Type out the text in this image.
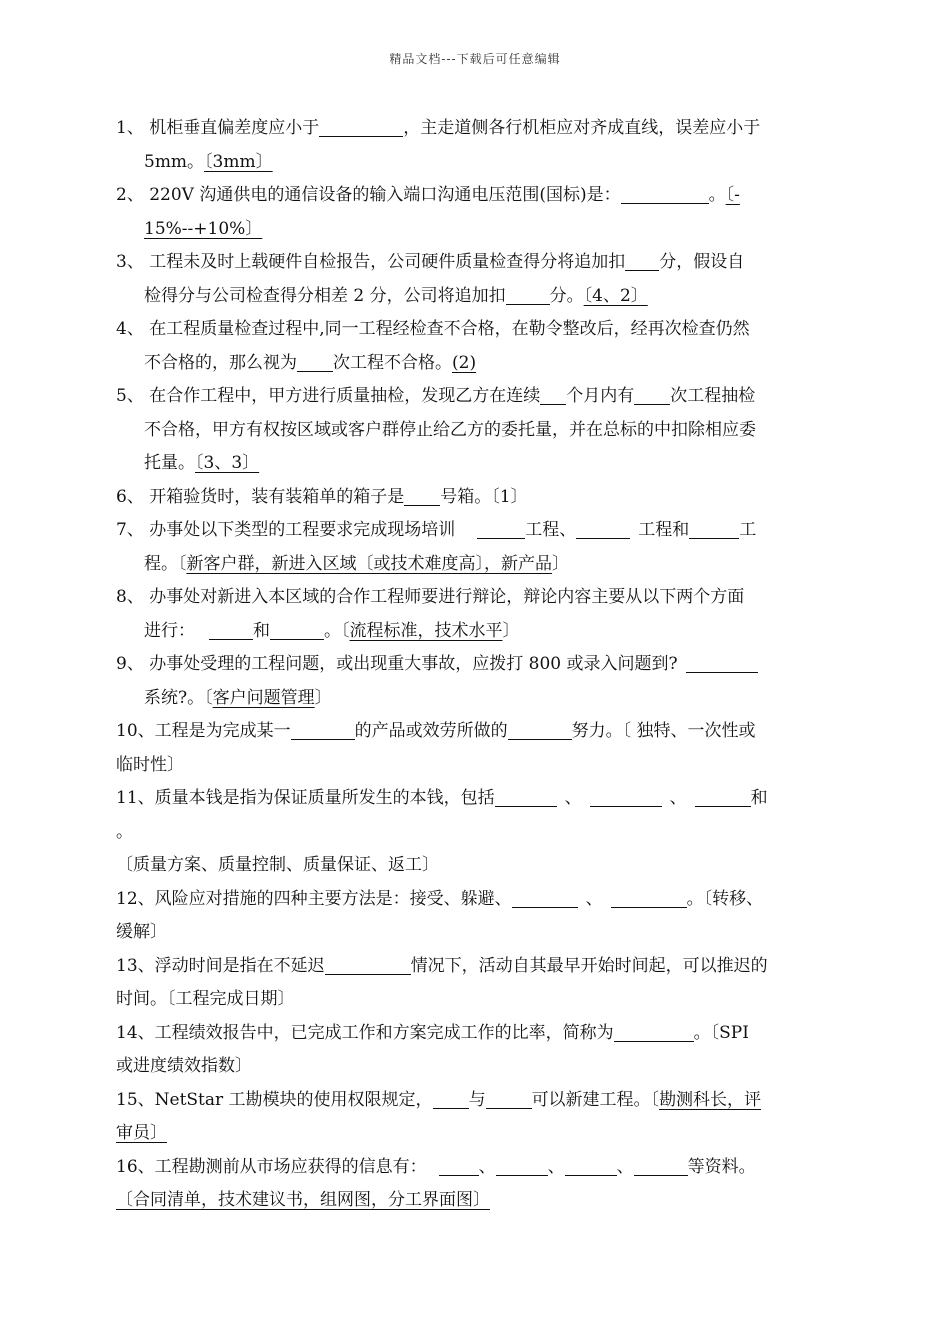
精品文档---下载后可任意编辑
1、 机柜垂直偏差度应小于	，主走道侧各行机柜应对齐成直线，误差应小于
5mm。〔3mm〕
2、 220V 沟通供电的通信设备的输入端口沟通电压范围(国标)是：	。〔-
15%--+10%〕
3、 工程未及时上载硬件自检报告，公司硬件质量检查得分将追加扣 分，假设自
检得分与公司检查得分相差 2 分，公司将追加扣	分。〔4、2〕
4、 在工程质量检查过程中,同一工程经检查不合格，在勒令整改后，经再次检查仍然
不合格的，那么视为 次工程不合格。(2)
5、 在合作工程中，甲方进行质量抽检，发现乙方在连续 个月内有 次工程抽检
不合格，甲方有权按区域或客户群停止给乙方的委托量，并在总标的中扣除相应委
托量。〔3、3〕
6、 开箱验货时，装有装箱单的箱子是 号箱。〔1〕
7、 办事处以下类型的工程要求完成现场培训	工程、	工程和	工
程。〔新客户群，新进入区域〔或技术难度高〕，新产品〕
8、 办事处对新进入本区域的合作工程师要进行辩论，辩论内容主要从以下两个方面
进行：	和	。〔流程标准，技术水平〕
9、 办事处受理的工程问题，或出现重大事故，应拨打 800 或录入问题到?
系统?。〔客户问题管理〕
10、工程是为完成某一	的产品或效劳所做的	努力。〔 独特、一次性或
临时性〕
11、质量本钱是指为保证质量所发生的本钱，包括	、	、	和
。
〔质量方案、质量控制、质量保证、返工〕
12、风险应对措施的四种主要方法是：接受、躲避、	、	。〔转移、
缓解〕
13、浮动时间是指在不延迟	情况下，活动自其最早开始时间起，可以推迟的
时间。〔工程完成日期〕
14、工程绩效报告中，已完成工作和方案完成工作的比率，简称为	。〔SPI
或进度绩效指数〕
15、NetStar 工勘模块的使用权限规定， 与	可以新建工程。〔勘测科长，评
审员〕
16、工程勘测前从市场应获得的信息有：	、	、	、	等资料。
〔合同清单，技术建议书，组网图，分工界面图〕
